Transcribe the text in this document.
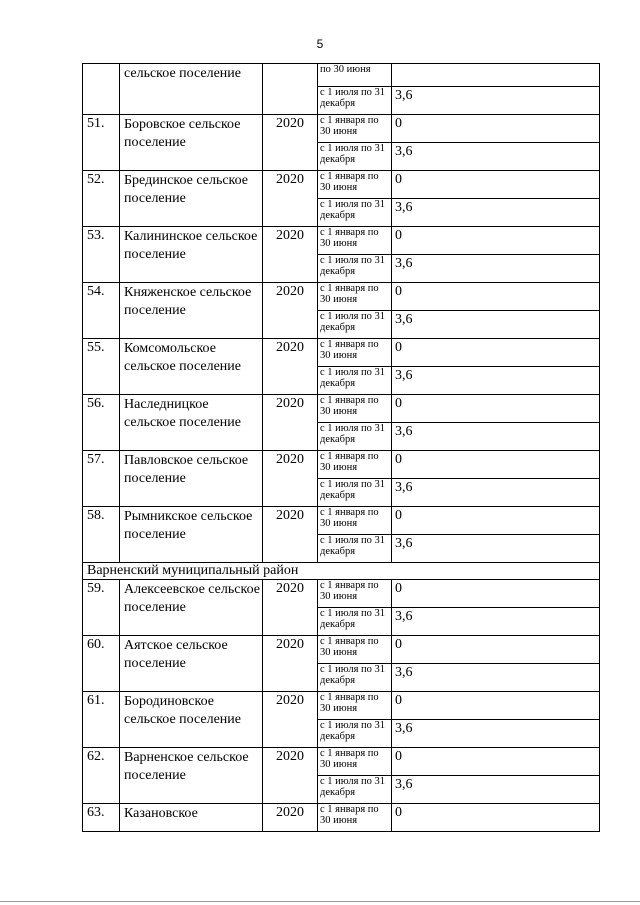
5
	сельское поселение		по 30 июня	
			с 1 июля по 31 декабря	3,6
51.	Боровское сельское поселение	2020	с 1 января по 30 июня	0
			с 1 июля по 31 декабря	3,6
52.	Брединское сельское поселение	2020	с 1 января по 30 июня	0
			с 1 июля по 31 декабря	3,6
53.	Калининское сельское поселение	2020	с 1 января по 30 июня	0
			с 1 июля по 31 декабря	3,6
54.	Княженское сельское поселение	2020	с 1 января по 30 июня	0
			с 1 июля по 31 декабря	3,6
55.	Комсомольское сельское поселение	2020	с 1 января по 30 июня	0
			с 1 июля по 31 декабря	3,6
56.	Наследницкое сельское поселение	2020	с 1 января по 30 июня	0
			с 1 июля по 31 декабря	3,6
57.	Павловское сельское поселение	2020	с 1 января по 30 июня	0
			с 1 июля по 31 декабря	3,6
58.	Рымникское сельское поселение	2020	с 1 января по 30 июня	0
			с 1 июля по 31 декабря	3,6
Варненский муниципальный район				
59.	Алексеевское сельское поселение	2020	с 1 января по 30 июня	0
			с 1 июля по 31 декабря	3,6
60.	Аятское сельское поселение	2020	с 1 января по 30 июня	0
			с 1 июля по 31 декабря	3,6
61.	Бородиновское сельское поселение	2020	с 1 января по 30 июня	0
			с 1 июля по 31 декабря	3,6
62.	Варненское сельское поселение	2020	с 1 января по 30 июня	0
			с 1 июля по 31 декабря	3,6
63.	Казановское	2020	с 1 января по 30 июня	0
